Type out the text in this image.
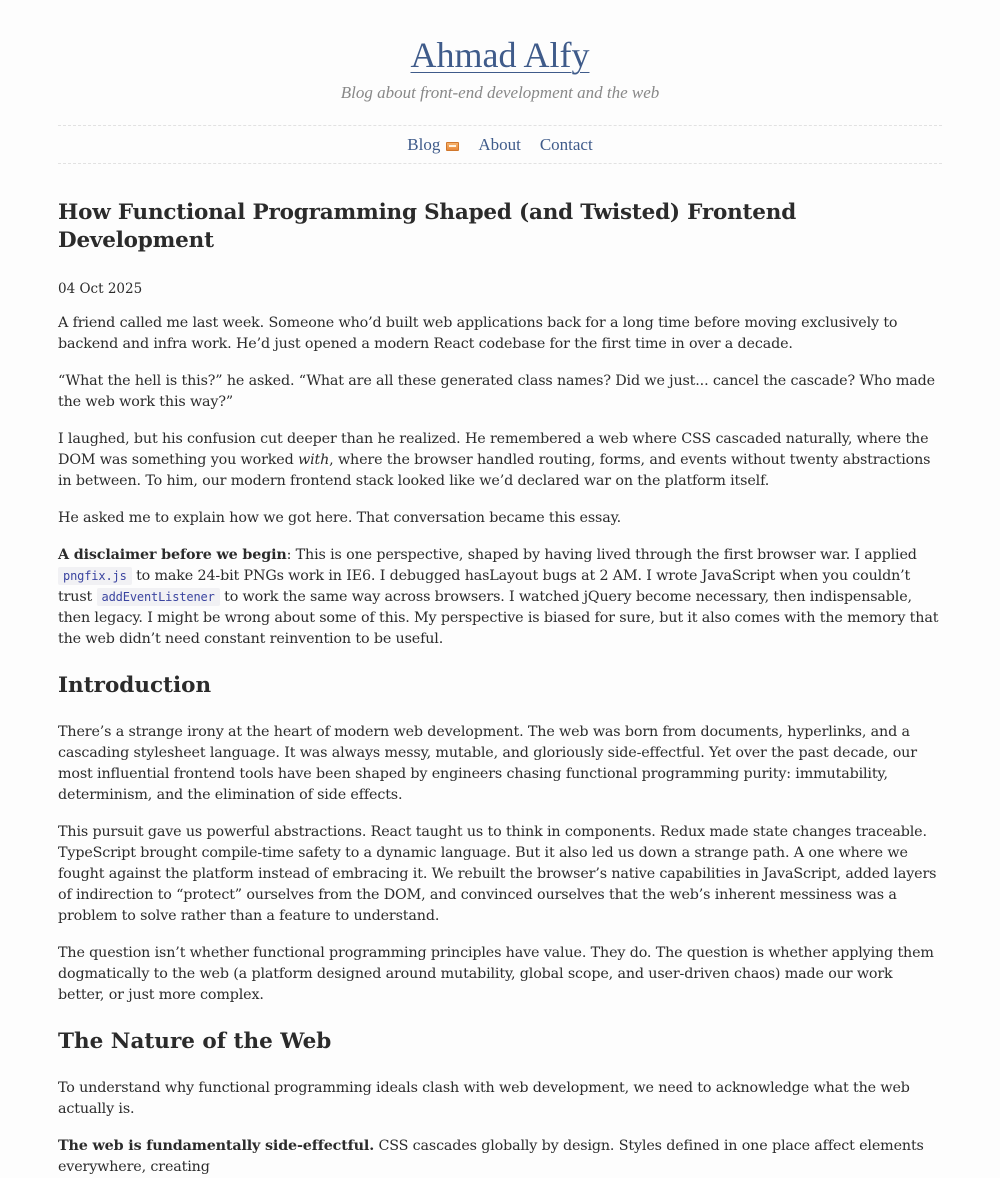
Ahmad Alfy
Blog about front-end development and the web
Blog About Contact
How Functional Programming Shaped (and Twisted) Frontend Development
04 Oct 2025

A friend called me last week. Someone who’d built web applications back for a long time before moving exclusively to backend and infra work. He’d just opened a modern React codebase for the first time in over a decade.

“What the hell is this?” he asked. “What are all these generated class names? Did we just... cancel the cascade? Who made the web work this way?”

I laughed, but his confusion cut deeper than he realized. He remembered a web where CSS cascaded naturally, where the DOM was something you worked with, where the browser handled routing, forms, and events without twenty abstractions in between. To him, our modern frontend stack looked like we’d declared war on the platform itself.

He asked me to explain how we got here. That conversation became this essay.

A disclaimer before we begin: This is one perspective, shaped by having lived through the first browser war. I applied pngfix.js to make 24-bit PNGs work in IE6. I debugged hasLayout bugs at 2 AM. I wrote JavaScript when you couldn’t trust addEventListener to work the same way across browsers. I watched jQuery become necessary, then indispensable, then legacy. I might be wrong about some of this. My perspective is biased for sure, but it also comes with the memory that the web didn’t need constant reinvention to be useful.

Introduction

There’s a strange irony at the heart of modern web development. The web was born from documents, hyperlinks, and a cascading stylesheet language. It was always messy, mutable, and gloriously side-effectful. Yet over the past decade, our most influential frontend tools have been shaped by engineers chasing functional programming purity: immutability, determinism, and the elimination of side effects.

This pursuit gave us powerful abstractions. React taught us to think in components. Redux made state changes traceable. TypeScript brought compile-time safety to a dynamic language. But it also led us down a strange path. A one where we fought against the platform instead of embracing it. We rebuilt the browser’s native capabilities in JavaScript, added layers of indirection to “protect” ourselves from the DOM, and convinced ourselves that the web’s inherent messiness was a problem to solve rather than a feature to understand.

The question isn’t whether functional programming principles have value. They do. The question is whether applying them dogmatically to the web (a platform designed around mutability, global scope, and user-driven chaos) made our work better, or just more complex.

The Nature of the Web

To understand why functional programming ideals clash with web development, we need to acknowledge what the web actually is.

The web is fundamentally side-effectful. CSS cascades globally by design. Styles defined in one place affect elements everywhere, creating
